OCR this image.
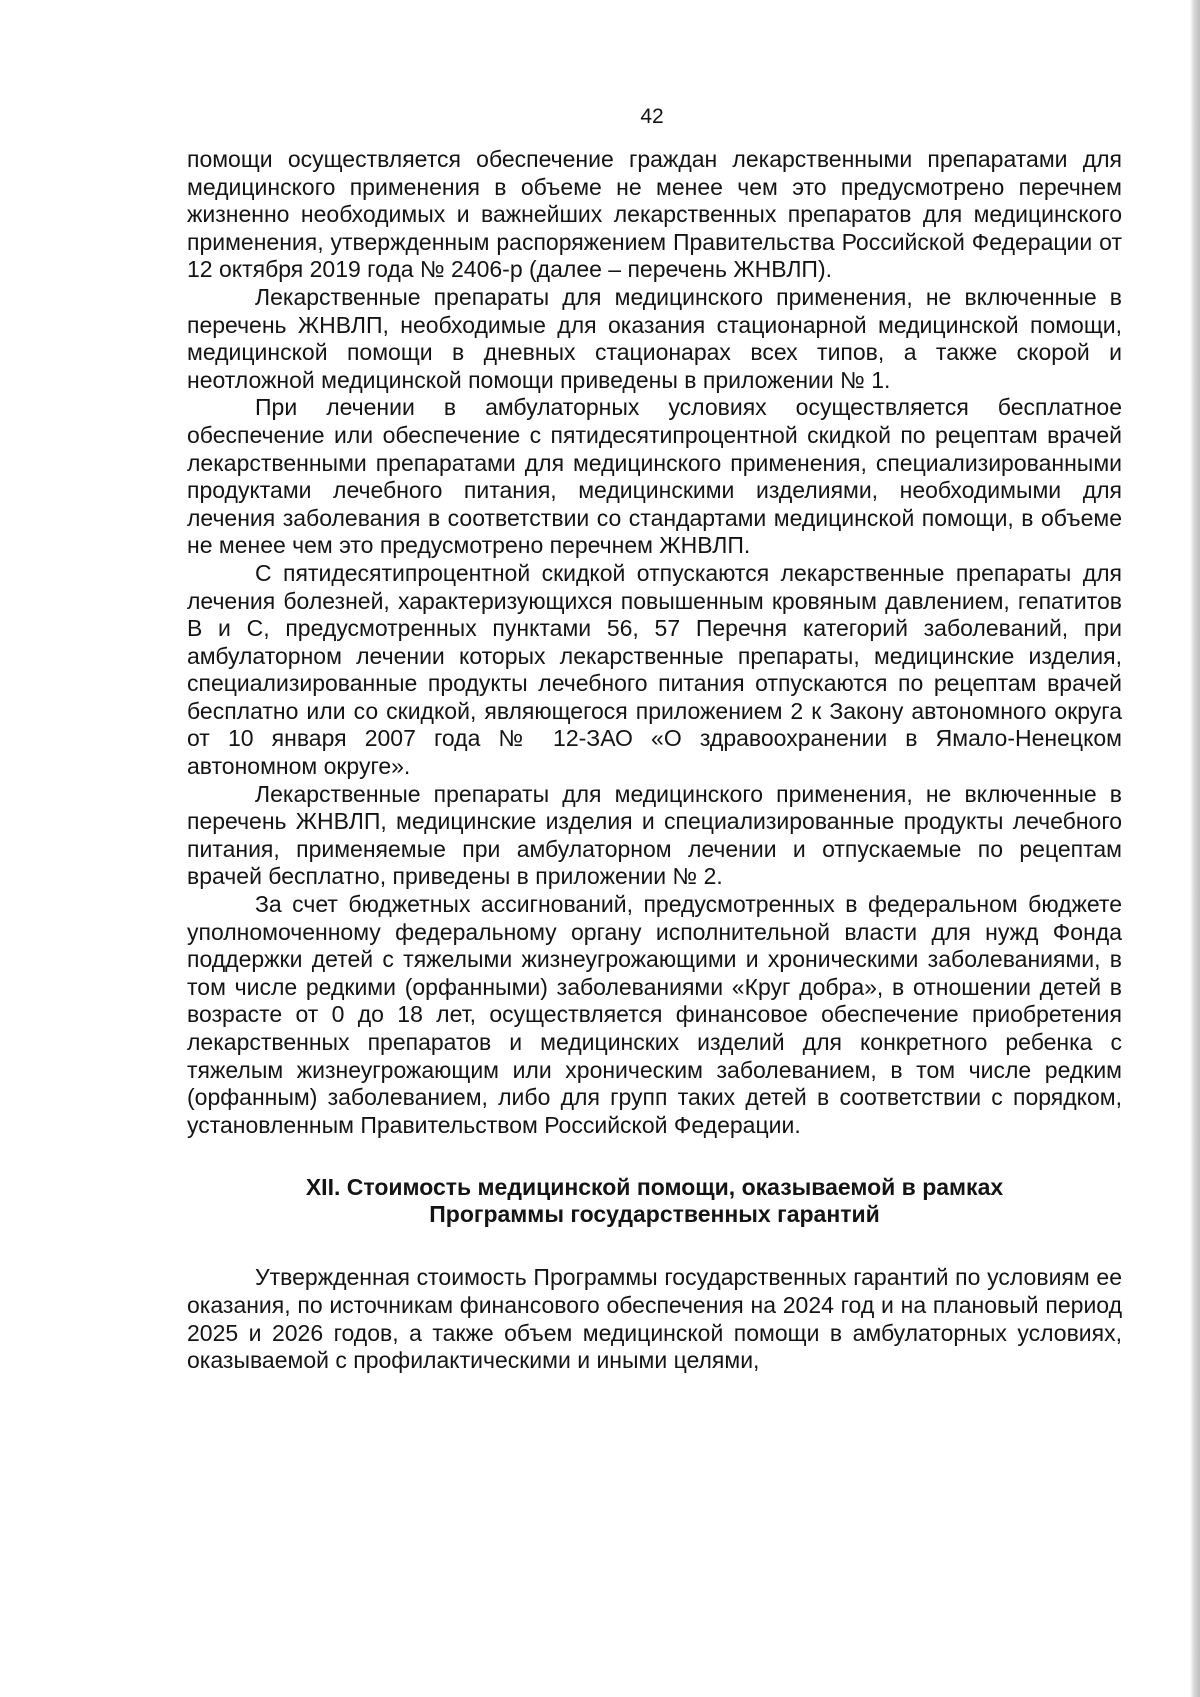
42

помощи осуществляется обеспечение граждан лекарственными препаратами для медицинского применения в объеме не менее чем это предусмотрено перечнем жизненно необходимых и важнейших лекарственных препаратов для медицинского применения, утвержденным распоряжением Правительства Российской Федерации от 12 октября 2019 года № 2406-р (далее – перечень ЖНВЛП).

Лекарственные препараты для медицинского применения, не включенные в перечень ЖНВЛП, необходимые для оказания стационарной медицинской помощи, медицинской помощи в дневных стационарах всех типов, а также скорой и неотложной медицинской помощи приведены в приложении № 1.

При лечении в амбулаторных условиях осуществляется бесплатное обеспечение или обеспечение с пятидесятипроцентной скидкой по рецептам врачей лекарственными препаратами для медицинского применения, специализированными продуктами лечебного питания, медицинскими изделиями, необходимыми для лечения заболевания в соответствии со стандартами медицинской помощи, в объеме не менее чем это предусмотрено перечнем ЖНВЛП.

С пятидесятипроцентной скидкой отпускаются лекарственные препараты для лечения болезней, характеризующихся повышенным кровяным давлением, гепатитов В и С, предусмотренных пунктами 56, 57 Перечня категорий заболеваний, при амбулаторном лечении которых лекарственные препараты, медицинские изделия, специализированные продукты лечебного питания отпускаются по рецептам врачей бесплатно или со скидкой, являющегося приложением 2 к Закону автономного округа от 10 января 2007 года № 12-ЗАО «О здравоохранении в Ямало-Ненецком автономном округе».

Лекарственные препараты для медицинского применения, не включенные в перечень ЖНВЛП, медицинские изделия и специализированные продукты лечебного питания, применяемые при амбулаторном лечении и отпускаемые по рецептам врачей бесплатно, приведены в приложении № 2.

За счет бюджетных ассигнований, предусмотренных в федеральном бюджете уполномоченному федеральному органу исполнительной власти для нужд Фонда поддержки детей с тяжелыми жизнеугрожающими и хроническими заболеваниями, в том числе редкими (орфанными) заболеваниями «Круг добра», в отношении детей в возрасте от 0 до 18 лет, осуществляется финансовое обеспечение приобретения лекарственных препаратов и медицинских изделий для конкретного ребенка с тяжелым жизнеугрожающим или хроническим заболеванием, в том числе редким (орфанным) заболеванием, либо для групп таких детей в соответствии с порядком, установленным Правительством Российской Федерации.

XII. Стоимость медицинской помощи, оказываемой в рамках
Программы государственных гарантий

Утвержденная стоимость Программы государственных гарантий по условиям ее оказания, по источникам финансового обеспечения на 2024 год и на плановый период 2025 и 2026 годов, а также объем медицинской помощи в амбулаторных условиях, оказываемой с профилактическими и иными целями,
